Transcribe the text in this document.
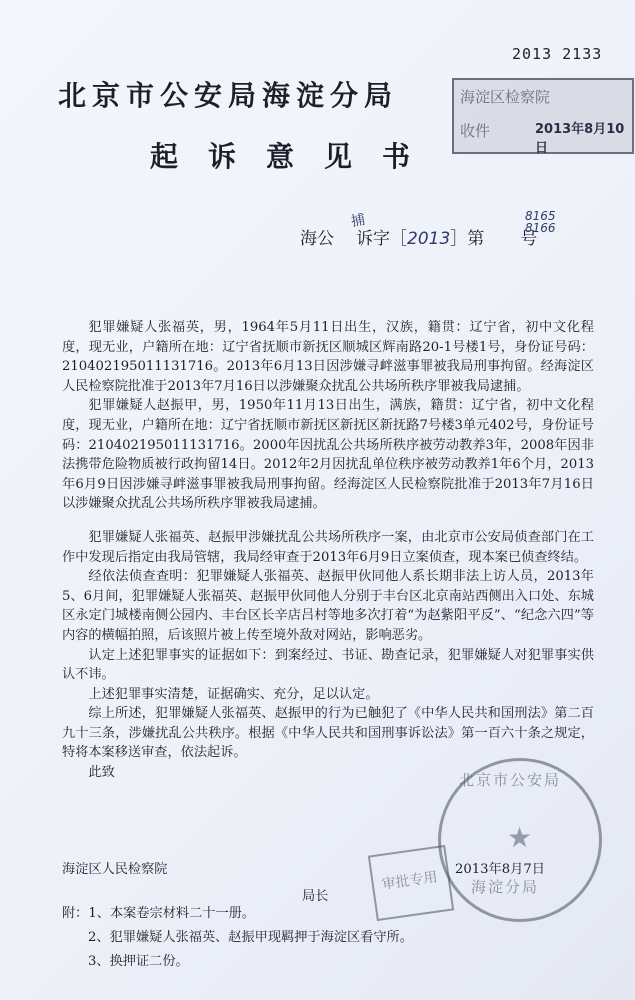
2013 2133
海淀区检察院
收件	2013年8月10日
北京市公安局海淀分局
起诉意见书
捕
海公 诉字［2013］第 号
8165
8166

犯罪嫌疑人张福英，男，1964年5月11日出生，汉族，籍贯：辽宁省，初中文化程度，现无业，户籍所在地：辽宁省抚顺市新抚区顺城区辉南路20-1号楼1号，身份证号码：210402195011131716。2013年6月13日因涉嫌寻衅滋事罪被我局刑事拘留。经海淀区人民检察院批准于2013年7月16日以涉嫌聚众扰乱公共场所秩序罪被我局逮捕。

犯罪嫌疑人赵振甲，男，1950年11月13日出生，满族，籍贯：辽宁省，初中文化程度，现无业，户籍所在地：辽宁省抚顺市新抚区新抚区新抚路7号楼3单元402号，身份证号码：210402195011131716。2000年因扰乱公共场所秩序被劳动教养3年，2008年因非法携带危险物质被行政拘留14日。2012年2月因扰乱单位秩序被劳动教养1年6个月，2013年6月9日因涉嫌寻衅滋事罪被我局刑事拘留。经海淀区人民检察院批准于2013年7月16日以涉嫌聚众扰乱公共场所秩序罪被我局逮捕。

犯罪嫌疑人张福英、赵振甲涉嫌扰乱公共场所秩序一案，由北京市公安局侦查部门在工作中发现后指定由我局管辖，我局经审查于2013年6月9日立案侦查，现本案已侦查终结。

经依法侦查查明：犯罪嫌疑人张福英、赵振甲伙同他人系长期非法上访人员，2013年5、6月间，犯罪嫌疑人张福英、赵振甲伙同他人分别于丰台区北京南站西侧出入口处、东城区永定门城楼南侧公园内、丰台区长辛店吕村等地多次打着“为赵紫阳平反”、“纪念六四”等内容的横幅拍照，后该照片被上传至境外敌对网站，影响恶劣。

认定上述犯罪事实的证据如下：到案经过、书证、勘查记录，犯罪嫌疑人对犯罪事实供认不讳。

上述犯罪事实清楚，证据确实、充分，足以认定。

综上所述，犯罪嫌疑人张福英、赵振甲的行为已触犯了《中华人民共和国刑法》第二百九十三条，涉嫌扰乱公共秩序。根据《中华人民共和国刑事诉讼法》第一百六十条之规定，特将本案移送审查，依法起诉。

此致

海淀区人民检察院	2013年8月7日
局长
审批专用
北京市公安局
★
海淀分局
附：1、本案卷宗材料二十一册。
2、犯罪嫌疑人张福英、赵振甲现羁押于海淀区看守所。
3、换押证二份。
